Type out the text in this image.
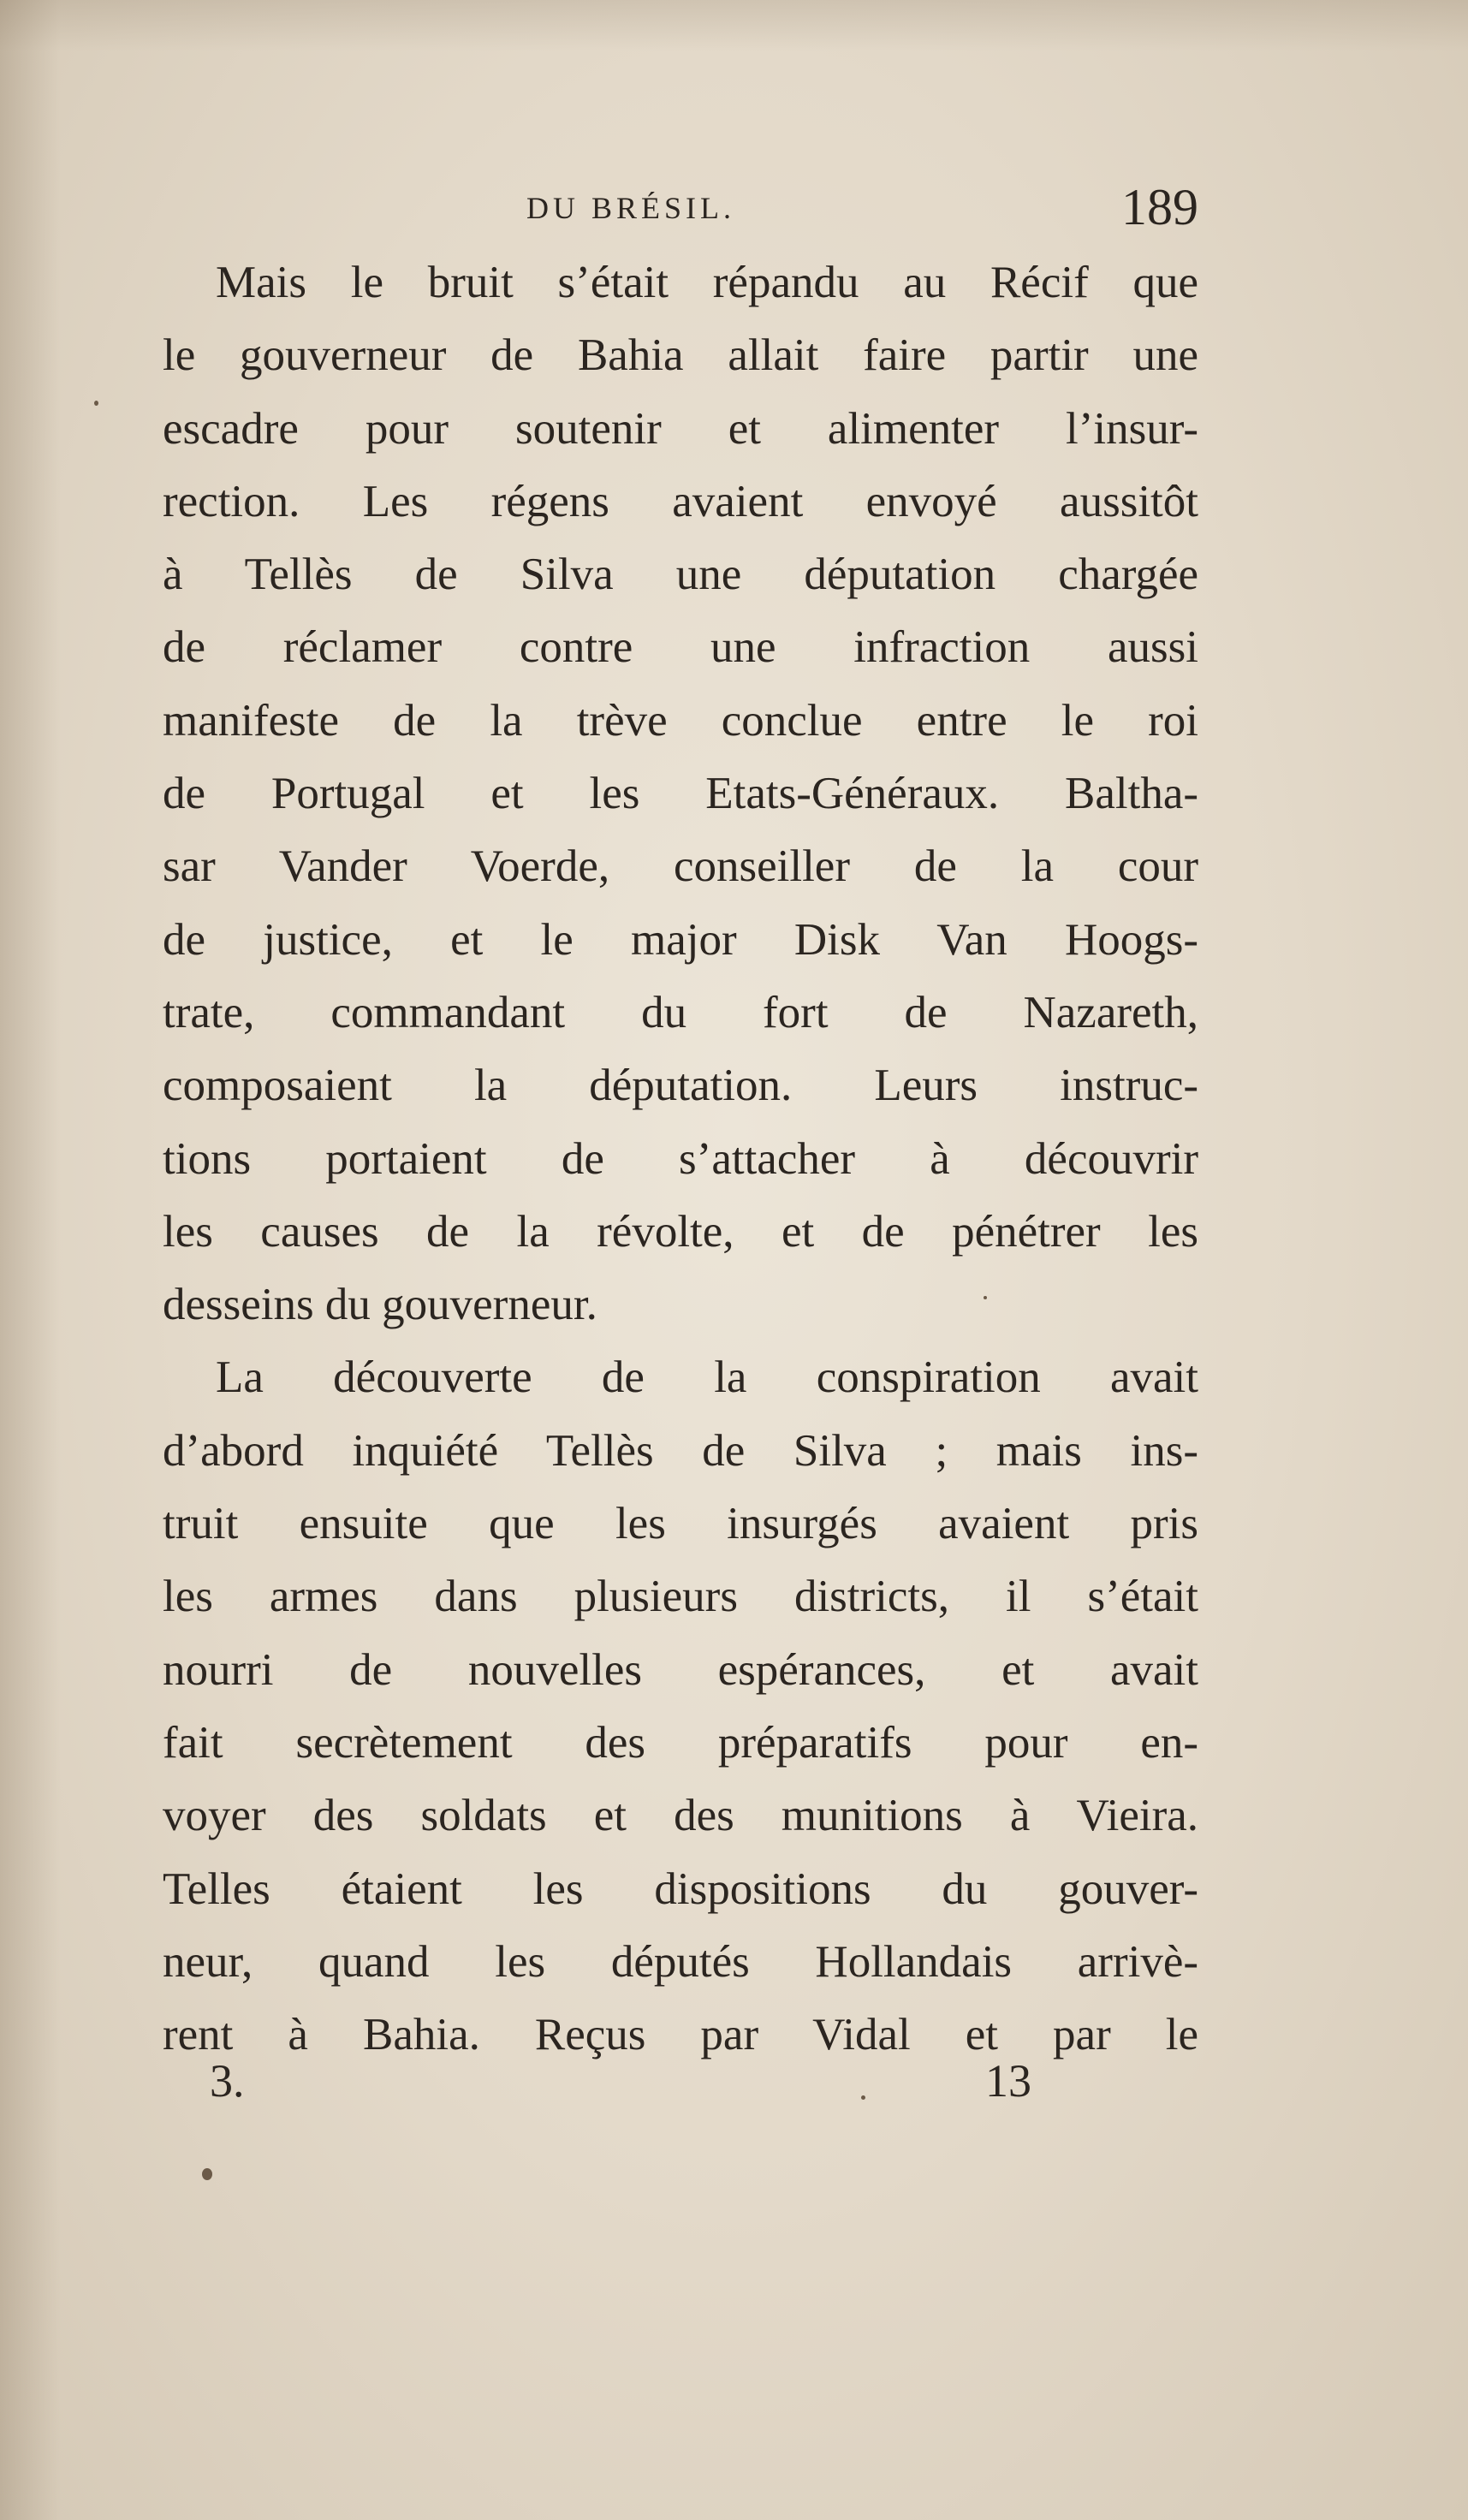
DU BRÉSIL.	189
Mais le bruit s’était répandu au Récif que
le gouverneur de Bahia allait faire partir une
escadre pour soutenir et alimenter l’insur-
rection. Les régens avaient envoyé aussitôt
à Tellès de Silva une députation chargée
de réclamer contre une infraction aussi
manifeste de la trève conclue entre le roi
de Portugal et les Etats-Généraux. Baltha-
sar Vander Voerde, conseiller de la cour
de justice, et le major Disk Van Hoogs-
trate, commandant du fort de Nazareth,
composaient la députation. Leurs instruc-
tions portaient de s’attacher à découvrir
les causes de la révolte, et de pénétrer les
desseins du gouverneur.
La découverte de la conspiration avait
d’abord inquiété Tellès de Silva ; mais ins-
truit ensuite que les insurgés avaient pris
les armes dans plusieurs districts, il s’était
nourri de nouvelles espérances, et avait
fait secrètement des préparatifs pour en-
voyer des soldats et des munitions à Vieira.
Telles étaient les dispositions du gouver-
neur, quand les députés Hollandais arrivè-
rent à Bahia. Reçus par Vidal et par le
3.	13
